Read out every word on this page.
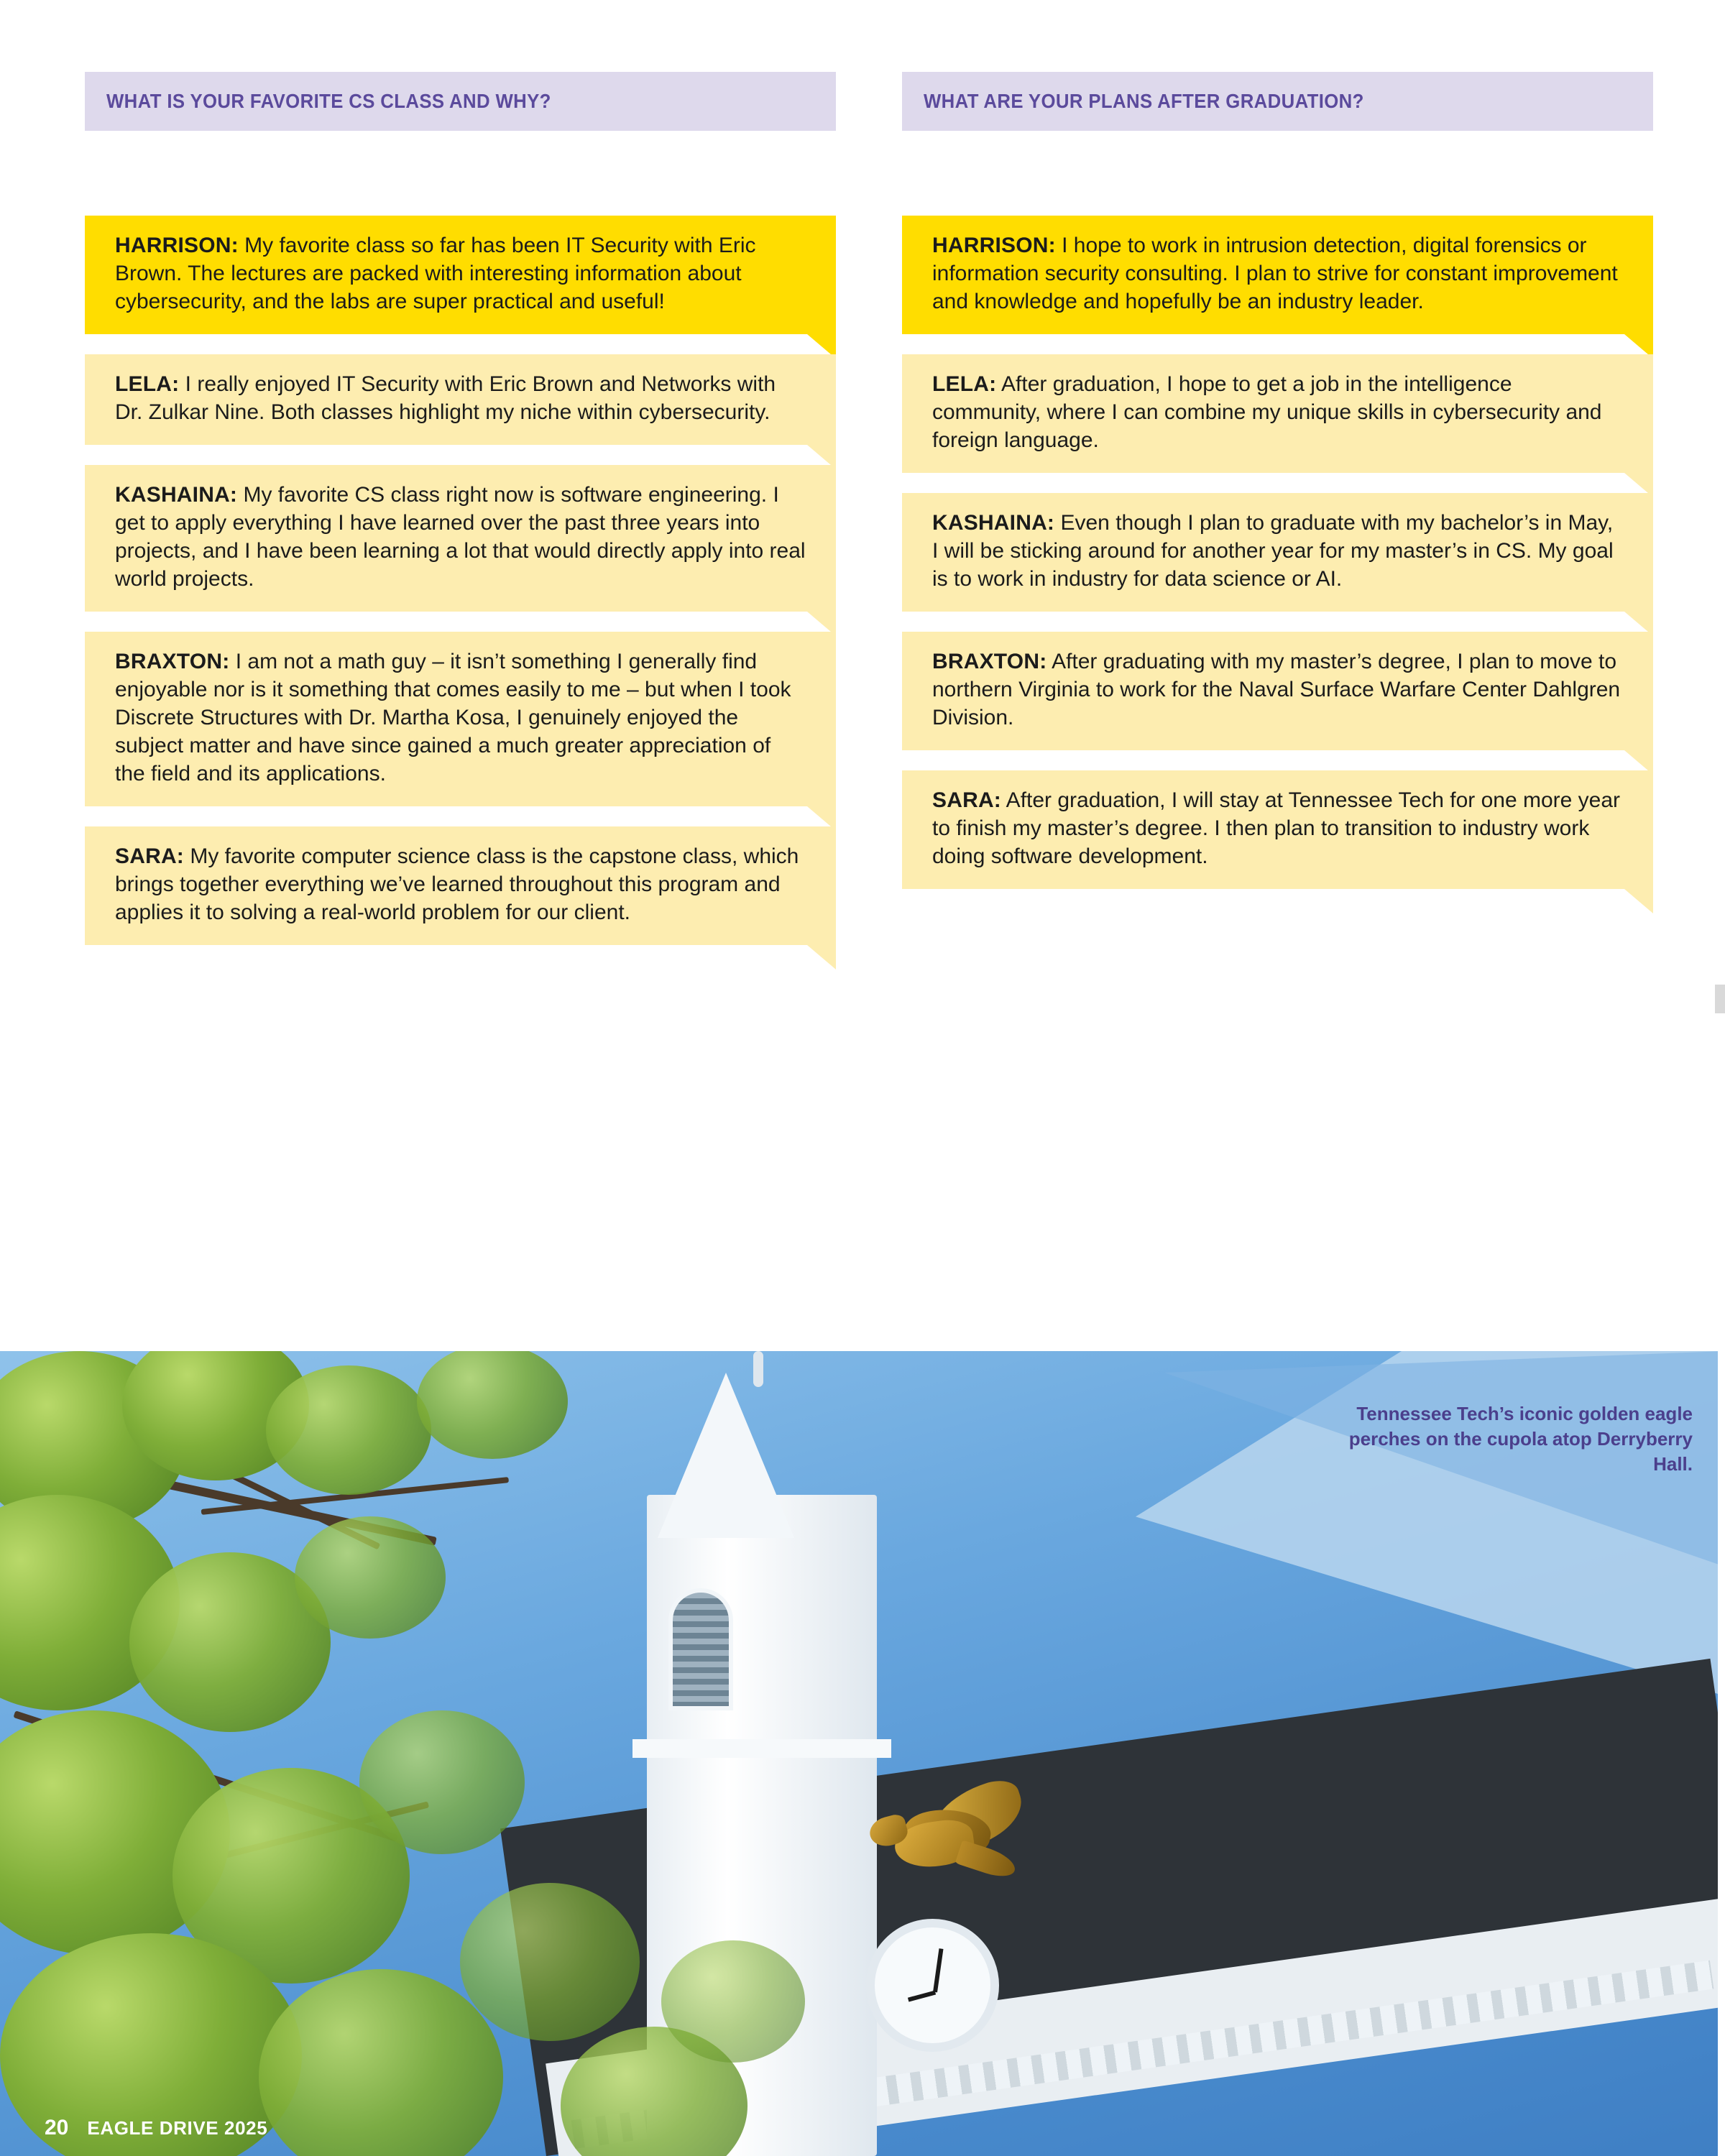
WHAT IS YOUR FAVORITE CS CLASS AND WHY?
HARRISON: My favorite class so far has been IT Security with Eric Brown. The lectures are packed with interesting information about cybersecurity, and the labs are super practical and useful!
LELA: I really enjoyed IT Security with Eric Brown and Networks with Dr. Zulkar Nine. Both classes highlight my niche within cybersecurity.
KASHAINA: My favorite CS class right now is software engineering. I get to apply everything I have learned over the past three years into projects, and I have been learning a lot that would directly apply into real world projects.
BRAXTON: I am not a math guy – it isn’t something I generally find enjoyable nor is it something that comes easily to me – but when I took Discrete Structures with Dr. Martha Kosa, I genuinely enjoyed the subject matter and have since gained a much greater appreciation of the field and its applications.
SARA: My favorite computer science class is the capstone class, which brings together everything we’ve learned throughout this program and applies it to solving a real-world problem for our client.
WHAT ARE YOUR PLANS AFTER GRADUATION?
HARRISON: I hope to work in intrusion detection, digital forensics or information security consulting. I plan to strive for constant improvement and knowledge and hopefully be an industry leader.
LELA: After graduation, I hope to get a job in the intelligence community, where I can combine my unique skills in cybersecurity and foreign language.
KASHAINA: Even though I plan to graduate with my bachelor’s in May, I will be sticking around for another year for my master’s in CS. My goal is to work in industry for data science or AI.
BRAXTON: After graduating with my master’s degree, I plan to move to northern Virginia to work for the Naval Surface Warfare Center Dahlgren Division.
SARA: After graduation, I will stay at Tennessee Tech for one more year to finish my master’s degree. I then plan to transition to industry work doing software development.
Tennessee Tech’s iconic golden eagle perches on the cupola atop Derryberry Hall.
20 EAGLE DRIVE 2025
